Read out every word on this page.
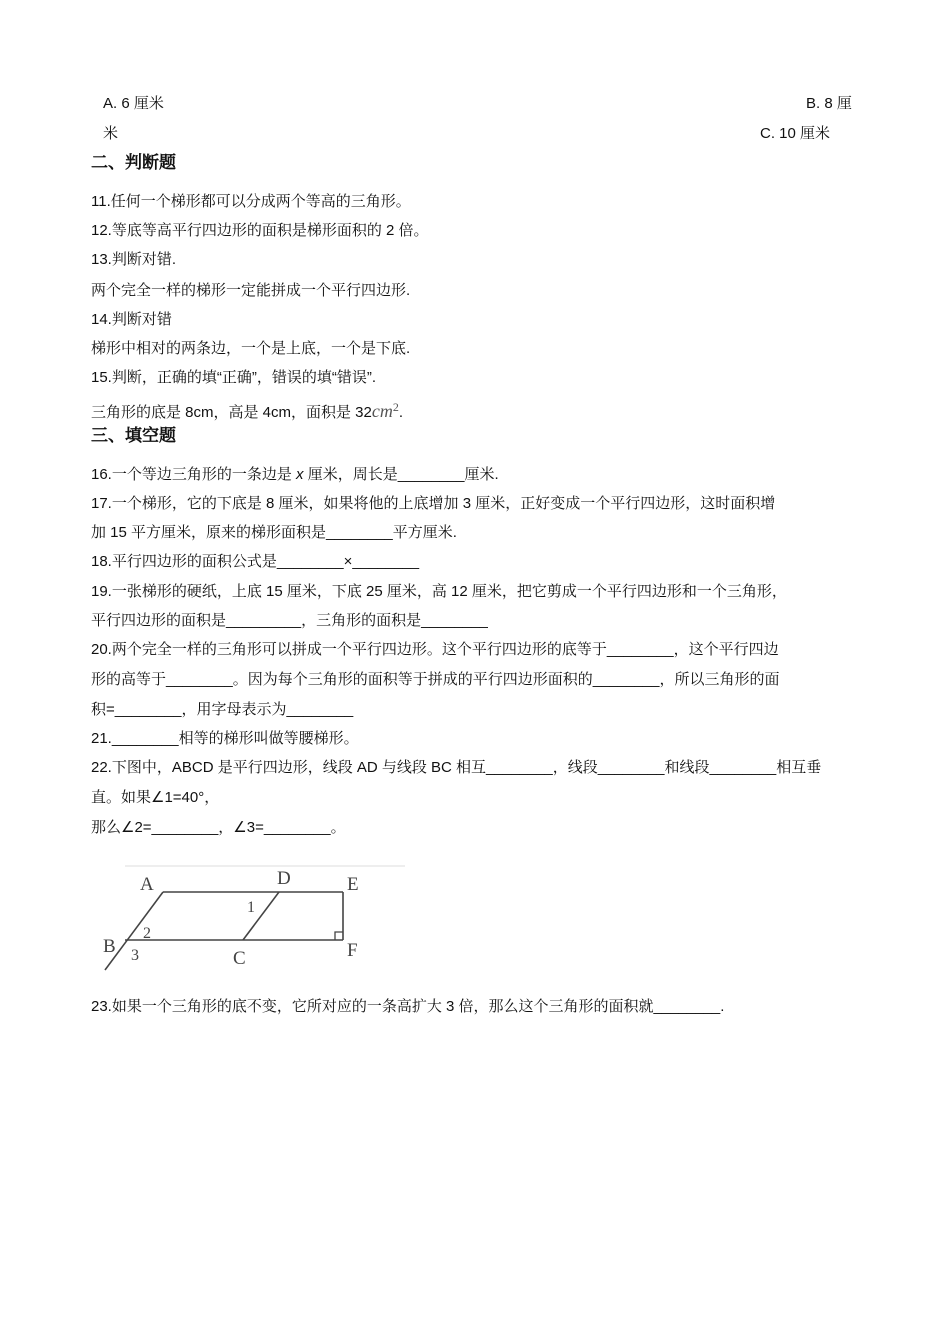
A. 6 厘米	B. 8 厘
米	C. 10 厘米
二、判断题
11.任何一个梯形都可以分成两个等高的三角形。
12.等底等高平行四边形的面积是梯形面积的 2 倍。
13.判断对错.
两个完全一样的梯形一定能拼成一个平行四边形.
14.判断对错
梯形中相对的两条边，一个是上底，一个是下底.
15.判断，正确的填“正确”，错误的填“错误”.
三角形的底是 8cm，高是 4cm，面积是 $32cm^2$.
三、填空题
16.一个等边三角形的一条边是 x 厘米，周长是________厘米.
17.一个梯形，它的下底是 8 厘米，如果将他的上底增加 3 厘米，正好变成一个平行四边形，这时面积增
加 15 平方厘米，原来的梯形面积是________平方厘米.
18.平行四边形的面积公式是________×________
19.一张梯形的硬纸，上底 15 厘米，下底 25 厘米，高 12 厘米，把它剪成一个平行四边形和一个三角形，
平行四边形的面积是_________，三角形的面积是________
20.两个完全一样的三角形可以拼成一个平行四边形。这个平行四边形的底等于________，这个平行四边
形的高等于________。因为每个三角形的面积等于拼成的平行四边形面积的________，所以三角形的面
积=________，用字母表示为________
21.________相等的梯形叫做等腰梯形。
22.下图中，ABCD 是平行四边形，线段 AD 与线段 BC 相互________，线段________和线段________相互垂
直。如果∠1=40°，
那么∠2=________，∠3=________。
A	D	E
B
C	F
1
2
3
23.如果一个三角形的底不变，它所对应的一条高扩大 3 倍，那么这个三角形的面积就________.
